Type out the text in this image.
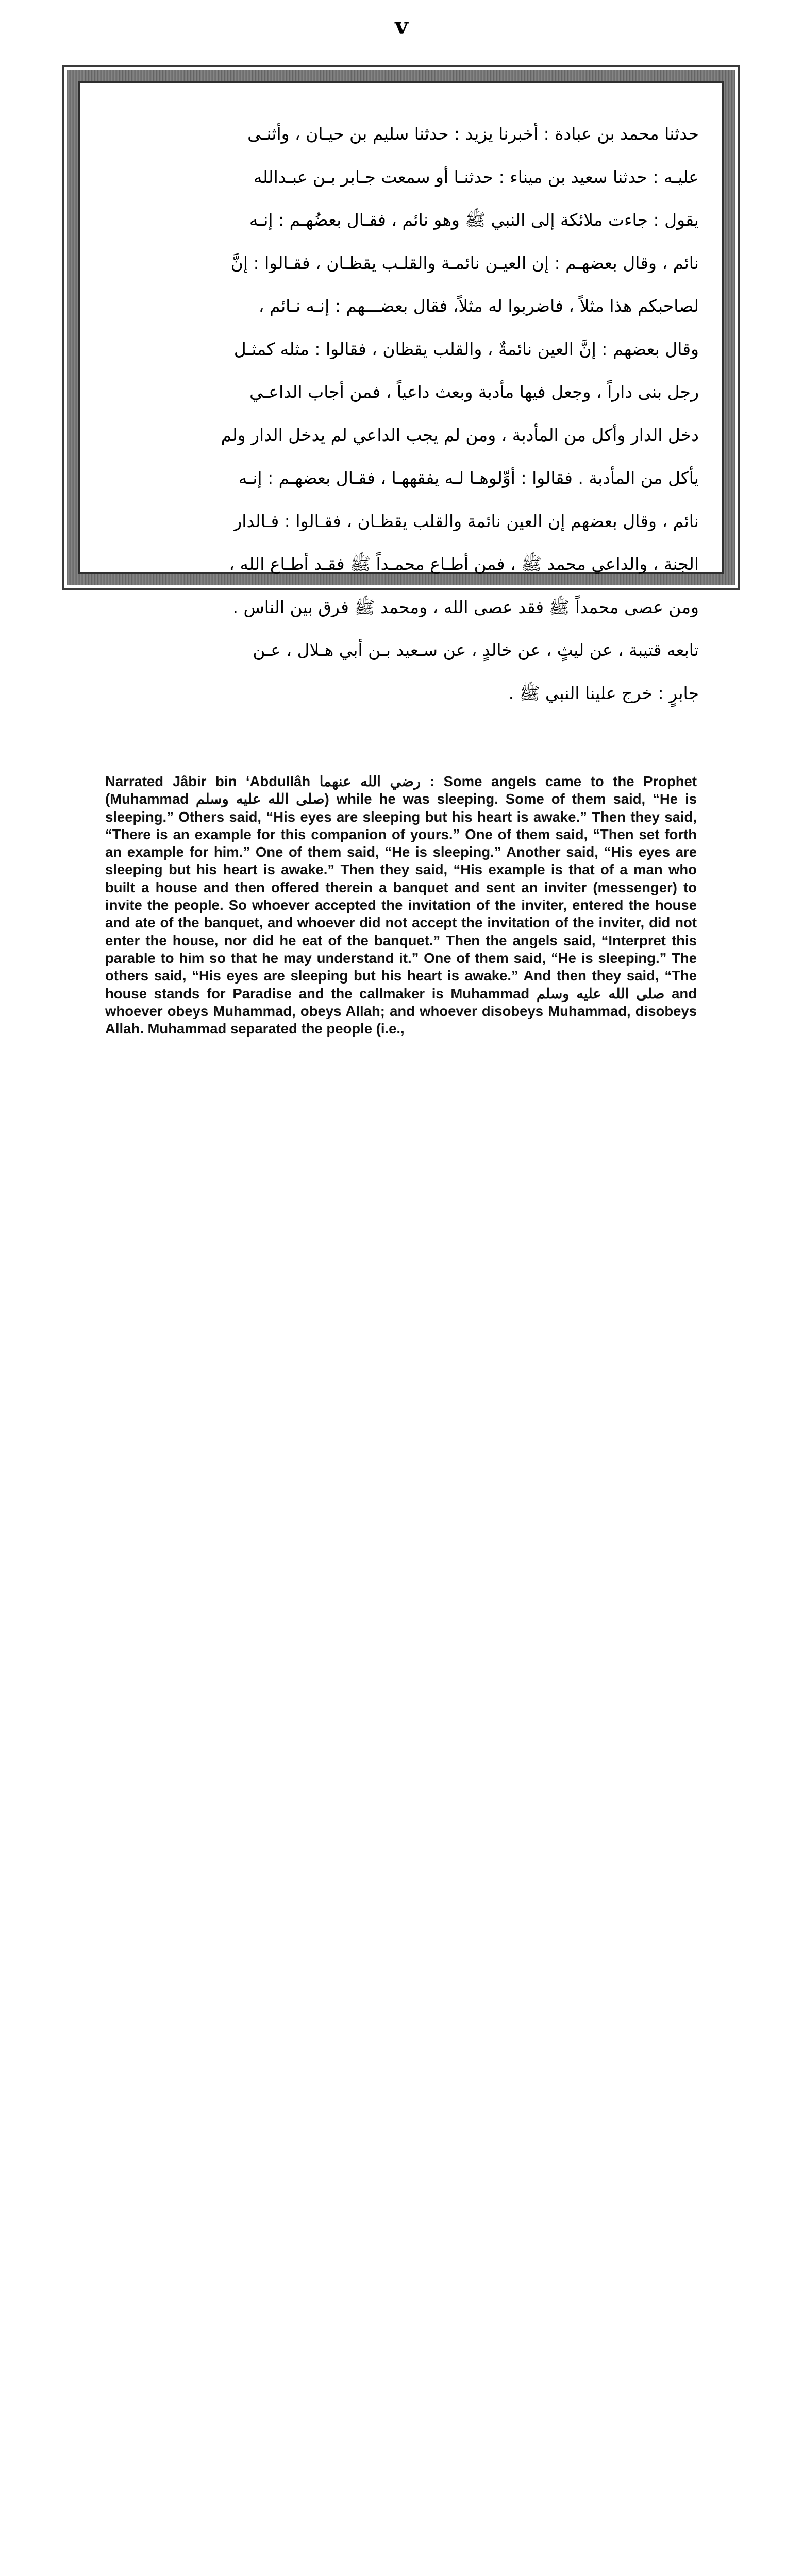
v
حدثنا محمد بن عبادة : أخبرنا يزيد : حدثنا سليم بن حيـان ، وأثنـى
عليـه : حدثنا سعيد بن ميناء : حدثنـا أو سمعت جـابر بـن عبـدالله
يقول : جاءت ملائكة إلى النبي ﷺ وهو نائم ، فقـال بعضُهـم : إنـه
نائم ، وقال بعضهـم : إن العيـن نائمـة والقلـب يقظـان ، فقـالوا : إنَّ
لصاحبكم هذا مثلاً ، فاضربوا له مثلاً، فقال بعضـــهم : إنـه نـائم ،
وقال بعضهم : إنَّ العين نائمةٌ ، والقلب يقظان ، فقالوا : مثله كمثـل
رجل بنى داراً ، وجعل فيها مأدبة وبعث داعياً ، فمن أجاب الداعـي
دخل الدار وأكل من المأدبة ، ومن لم يجب الداعي لم يدخل الدار ولم
يأكل من المأدبة . فقالوا : أوِّلوهـا لـه يفقههـا ، فقـال بعضهـم : إنـه
نائم ، وقال بعضهم إن العين نائمة والقلب يقظـان ، فقـالوا : فـالدار
الجنة ، والداعي محمد ﷺ ، فمن أطـاع محمـداً ﷺ فقـد أطـاع الله ،
ومن عصى محمداً ﷺ فقد عصى الله ، ومحمد ﷺ فرق بين الناس .
تابعه قتيبة ، عن ليثٍ ، عن خالدٍ ، عن سـعيد بـن أبي هـلال ، عـن
جابرٍ : خرج علينا النبي ﷺ .
Narrated Jâbir bin ‘Abdullâh رضي الله عنهما : Some angels came to the Prophet (Muhammad صلى الله عليه وسلم) while he was sleeping. Some of them said, “He is sleeping.” Others said, “His eyes are sleeping but his heart is awake.” Then they said, “There is an example for this companion of yours.” One of them said, “Then set forth an example for him.” One of them said, “He is sleeping.” Another said, “His eyes are sleeping but his heart is awake.” Then they said, “His example is that of a man who built a house and then offered therein a banquet and sent an inviter (messenger) to invite the people. So whoever accepted the invitation of the inviter, entered the house and ate of the banquet, and whoever did not accept the invitation of the inviter, did not enter the house, nor did he eat of the banquet.” Then the angels said, “Interpret this parable to him so that he may understand it.” One of them said, “He is sleeping.” The others said, “His eyes are sleeping but his heart is awake.” And then they said, “The house stands for Paradise and the callmaker is Muhammad صلى الله عليه وسلم and whoever obeys Muhammad, obeys Allah; and whoever disobeys Muhammad, disobeys Allah. Muhammad separated the people (i.e.,
